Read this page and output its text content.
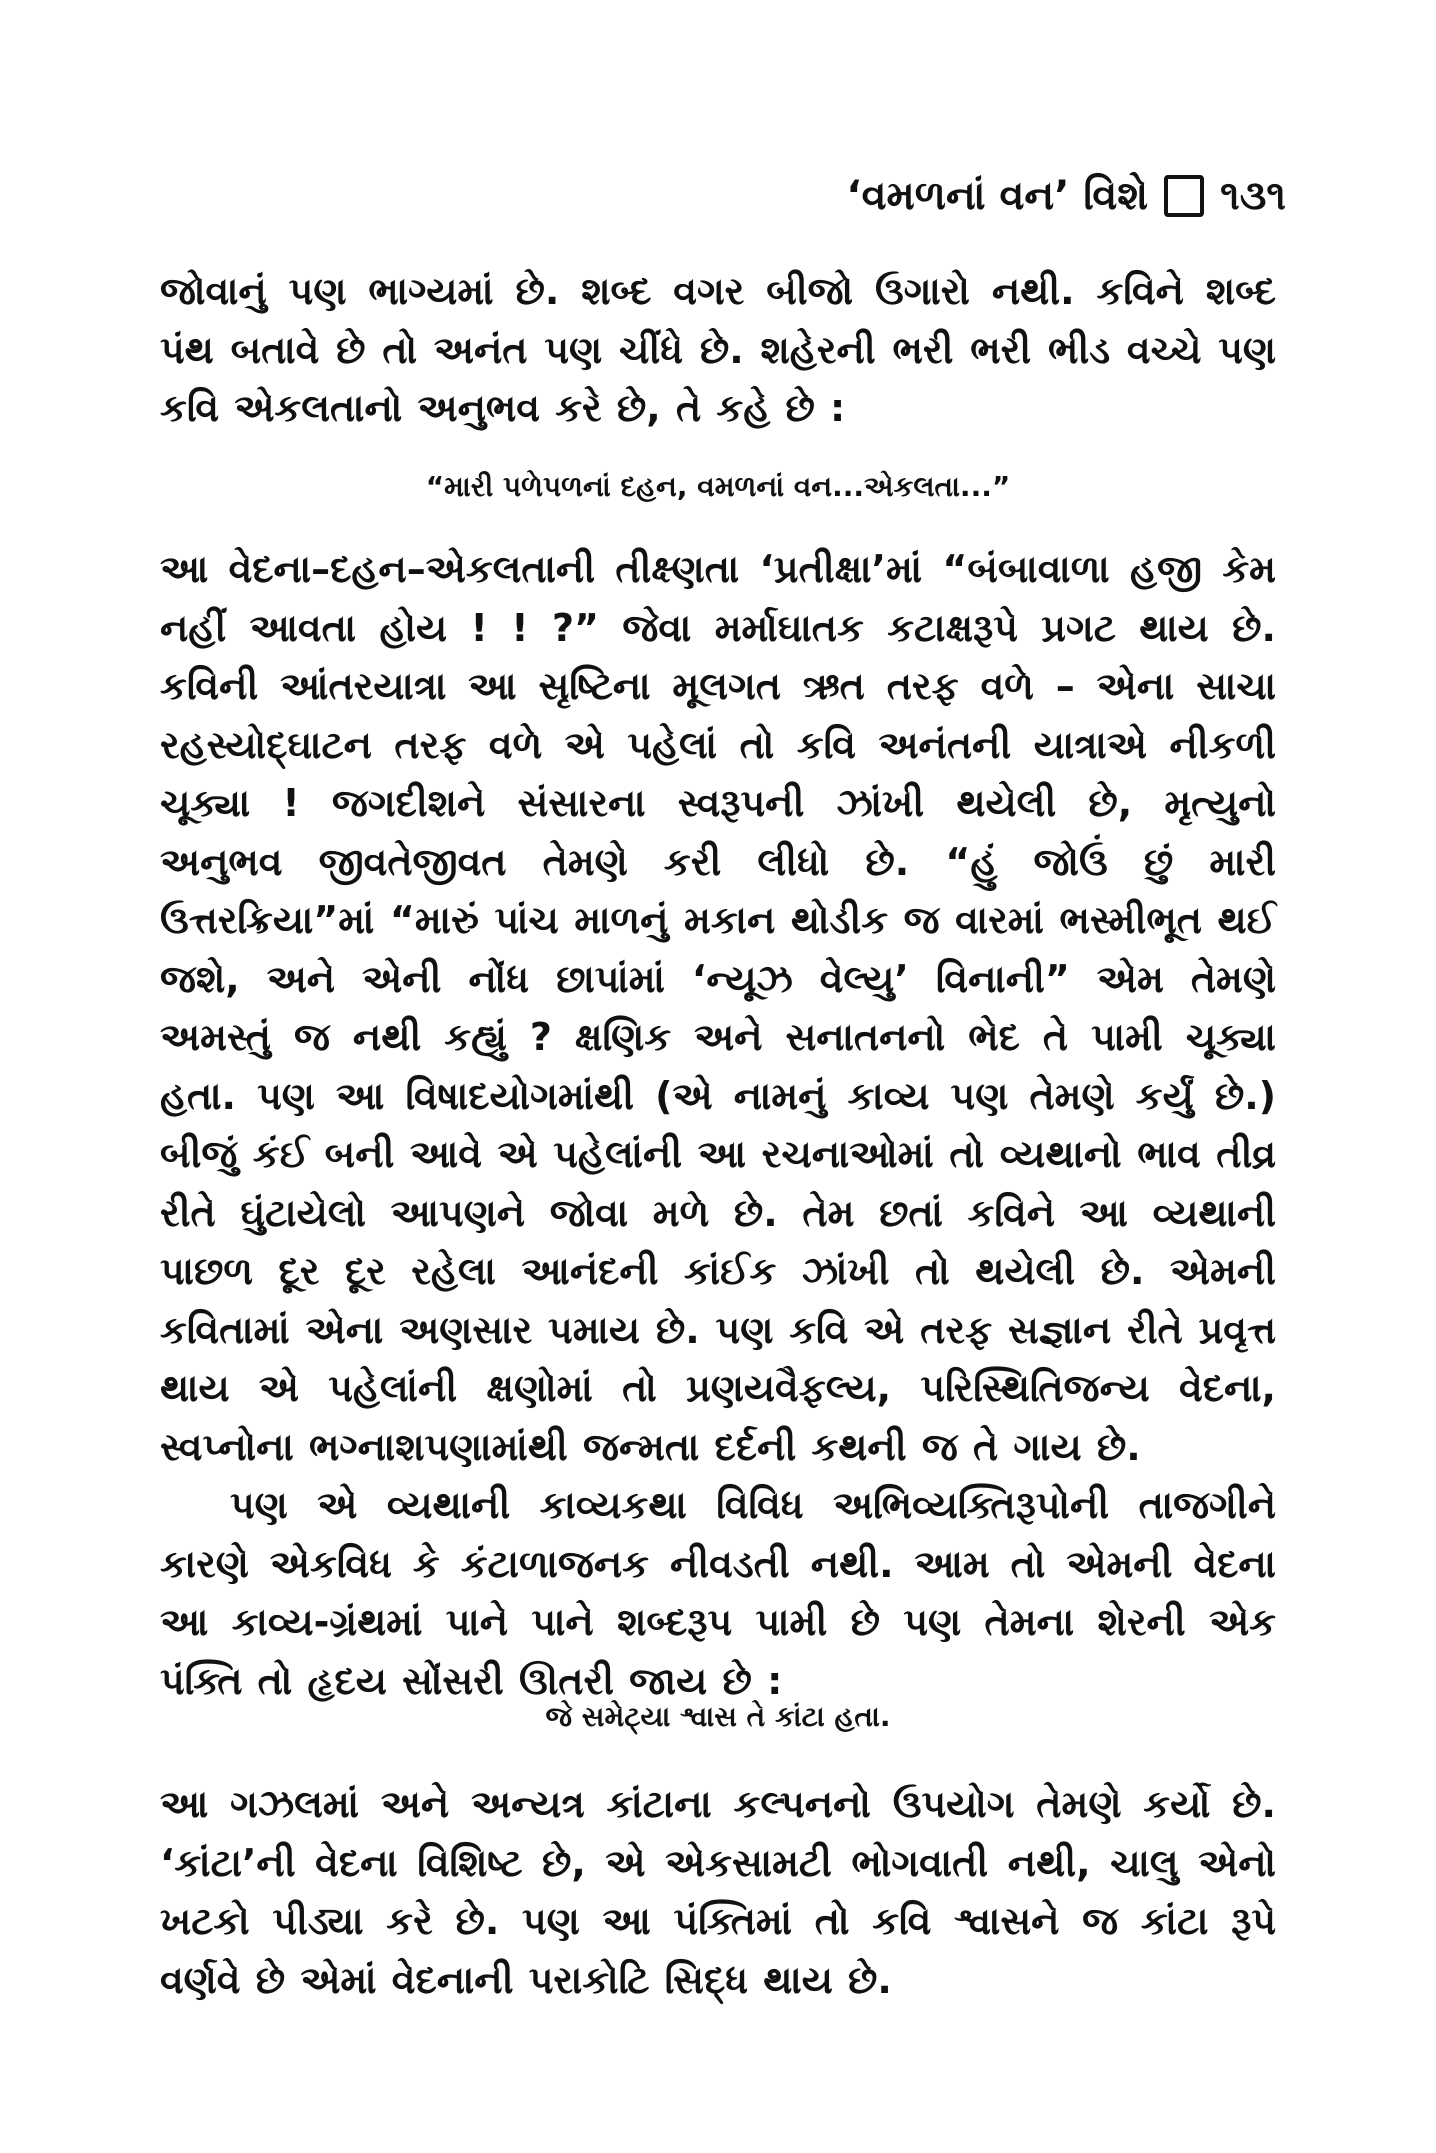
‘વમળનાં વન’ વિશે ૧૩૧

જોવાનું પણ ભાગ્યમાં છે. શબ્દ વગર બીજો ઉગારો નથી. કવિને શબ્દ પંથ બતાવે છે તો અનંત પણ ચીંધે છે. શહેરની ભરી ભરી ભીડ વચ્ચે પણ કવિ એકલતાનો અનુભવ કરે છે, તે કહે છે :

“મારી પળેપળનાં દહન, વમળનાં વન...એકલતા...”

આ વેદના–દહન–એકલતાની તીક્ષ્ણતા ‘પ્રતીક્ષા’માં “બંબાવાળા હજી કેમ નહીં આવતા હોય ! ! ?” જેવા મર્માઘાતક કટાક્ષરૂપે પ્રગટ થાય છે. કવિની આંતરયાત્રા આ સૃષ્ટિના મૂલગત ઋત તરફ વળે – એના સાચા રહસ્યોદ્ઘાટન તરફ વળે એ પહેલાં તો કવિ અનંતની યાત્રાએ નીકળી ચૂક્યા ! જગદીશને સંસારના સ્વરૂપની ઝાંખી થયેલી છે, મૃત્યુનો અનુભવ જીવતેજીવત તેમણે કરી લીધો છે. “હું જોઉં છું મારી ઉત્તરક્રિયા”માં “મારું પાંચ માળનું મકાન થોડીક જ વારમાં ભસ્મીભૂત થઈ જશે, અને એની નોંધ છાપાંમાં ‘ન્યૂઝ વેલ્યુ’ વિનાની” એમ તેમણે અમસ્તું જ નથી કહ્યું ? ક્ષણિક અને સનાતનનો ભેદ તે પામી ચૂક્યા હતા. પણ આ વિષાદયોગમાંથી (એ નામનું કાવ્ય પણ તેમણે કર્યું છે.) બીજું કંઈ બની આવે એ પહેલાંની આ રચનાઓમાં તો વ્યથાનો ભાવ તીવ્ર રીતે ઘુંટાયેલો આપણને જોવા મળે છે. તેમ છતાં કવિને આ વ્યથાની પાછળ દૂર દૂર રહેલા આનંદની કાંઈક ઝાંખી તો થયેલી છે. એમની કવિતામાં એના અણસાર પમાય છે. પણ કવિ એ તરફ સજ્ઞાન રીતે પ્રવૃત્ત થાય એ પહેલાંની ક્ષણોમાં તો પ્રણયવૈફલ્ય, પરિસ્થિતિજન્ય વેદના, સ્વપ્નોના ભગ્નાશપણામાંથી જન્મતા દર્દની કથની જ તે ગાય છે.

પણ એ વ્યથાની કાવ્યકથા વિવિધ અભિવ્યક્તિરૂપોની તાજગીને કારણે એકવિધ કે કંટાળાજનક નીવડતી નથી. આમ તો એમની વેદના આ કાવ્ય-ગ્રંથમાં પાને પાને શબ્દરૂપ પામી છે પણ તેમના શેરની એક પંક્તિ તો હૃદય સોંસરી ઊતરી જાય છે :

જે સમેટ્યા શ્વાસ તે કાંટા હતા.

આ ગઝલમાં અને અન્યત્ર કાંટાના કલ્પનનો ઉપયોગ તેમણે કર્યો છે. ‘કાંટા’ની વેદના વિશિષ્ટ છે, એ એકસામટી ભોગવાતી નથી, ચાલુ એનો ખટકો પીડ્યા કરે છે. પણ આ પંક્તિમાં તો કવિ શ્વાસને જ કાંટા રૂપે વર્ણવે છે એમાં વેદનાની પરાકોટિ સિદ્ધ થાય છે.
